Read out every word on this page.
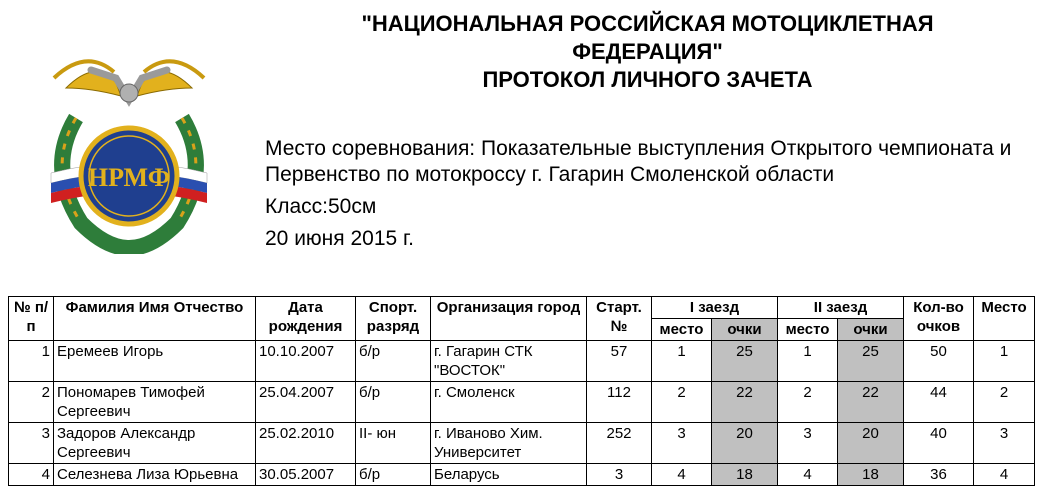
НРМФ
"НАЦИОНАЛЬНАЯ РОССИЙСКАЯ МОТОЦИКЛЕТНАЯ
ФЕДЕРАЦИЯ"
ПРОТОКОЛ ЛИЧНОГО ЗАЧЕТА
Место соревнования: Показательные выступления Открытого чемпионата и Первенство по мотокроссу г. Гагарин Смоленской области
Класс:50см
20 июня 2015 г.
№ п/п	Фамилия Имя Отчество	Дата рождения	Спорт. разряд	Организация город	Старт. №	I заезд		II заезд		Кол-во очков	Место
						место	очки	место	очки		
1	Еремеев Игорь	10.10.2007	б/р	г. Гагарин СТК "ВОСТОК"	57	1	25	1	25	50	1
2	Пономарев Тимофей Сергеевич	25.04.2007	б/р	г. Смоленск	112	2	22	2	22	44	2
3	Задоров Александр Сергеевич	25.02.2010	II- юн	г. Иваново Хим. Университет	252	3	20	3	20	40	3
4	Селезнева Лиза Юрьевна	30.05.2007	б/р	Беларусь	3	4	18	4	18	36	4
